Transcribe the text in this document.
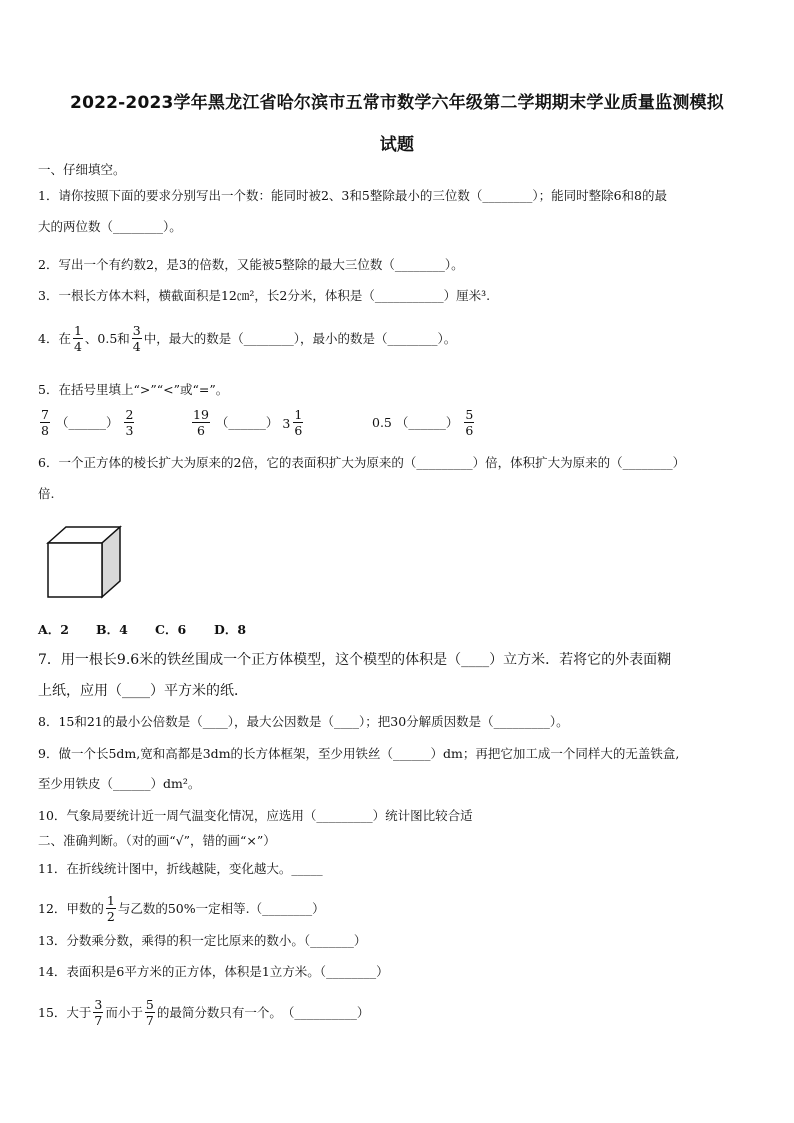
2022-2023学年黑龙江省哈尔滨市五常市数学六年级第二学期期末学业质量监测模拟
试题
一、仔细填空。
1．请你按照下面的要求分别写出一个数：能同时被2、3和5整除最小的三位数（________）；能同时整除6和8的最
大的两位数（________）。
2．写出一个有约数2，是3的倍数，又能被5整除的最大三位数（________）。
3．一根长方体木料，横截面积是12㎝²，长2分米，体积是（___________）厘米³.
4．在 $\frac{1}{4}$ 、0.5和 $\frac{3}{4}$ 中，最大的数是（________），最小的数是（________）。
5．在括号里填上“>”“<”或“=”。
$\frac{7}{8}$ （______） $\frac{2}{3}$	$\frac{19}{6}$ （______） $3 \frac{1}{6}$	0.5 （______） $\frac{5}{6}$
6．一个正方体的棱长扩大为原来的2倍，它的表面积扩大为原来的（_________）倍，体积扩大为原来的（________）
倍.
A．2 B．4 C．6 D．8
7．用一根长9.6米的铁丝围成一个正方体模型，这个模型的体积是（____）立方米．若将它的外表面糊
上纸，应用（____）平方米的纸．
8．15和21的最小公倍数是（____），最大公因数是（____）；把30分解质因数是（_________）。
9．做一个长5dm,宽和高都是3dm的长方体框架，至少用铁丝（______）dm；再把它加工成一个同样大的无盖铁盒,
至少用铁皮（______）dm²。
10．气象局要统计近一周气温变化情况，应选用（_________）统计图比较合适
二、准确判断。（对的画“√”，错的画“×”）
11．在折线统计图中，折线越陡，变化越大。_____
12．甲数的 $\frac{1}{2}$ 与乙数的50%一定相等.（________）
13．分数乘分数，乘得的积一定比原来的数小。（_______）
14．表面积是6平方米的正方体，体积是1立方米。（________）
15．大于 $\frac{3}{7}$ 而小于 $\frac{5}{7}$ 的最简分数只有一个。　（__________）
